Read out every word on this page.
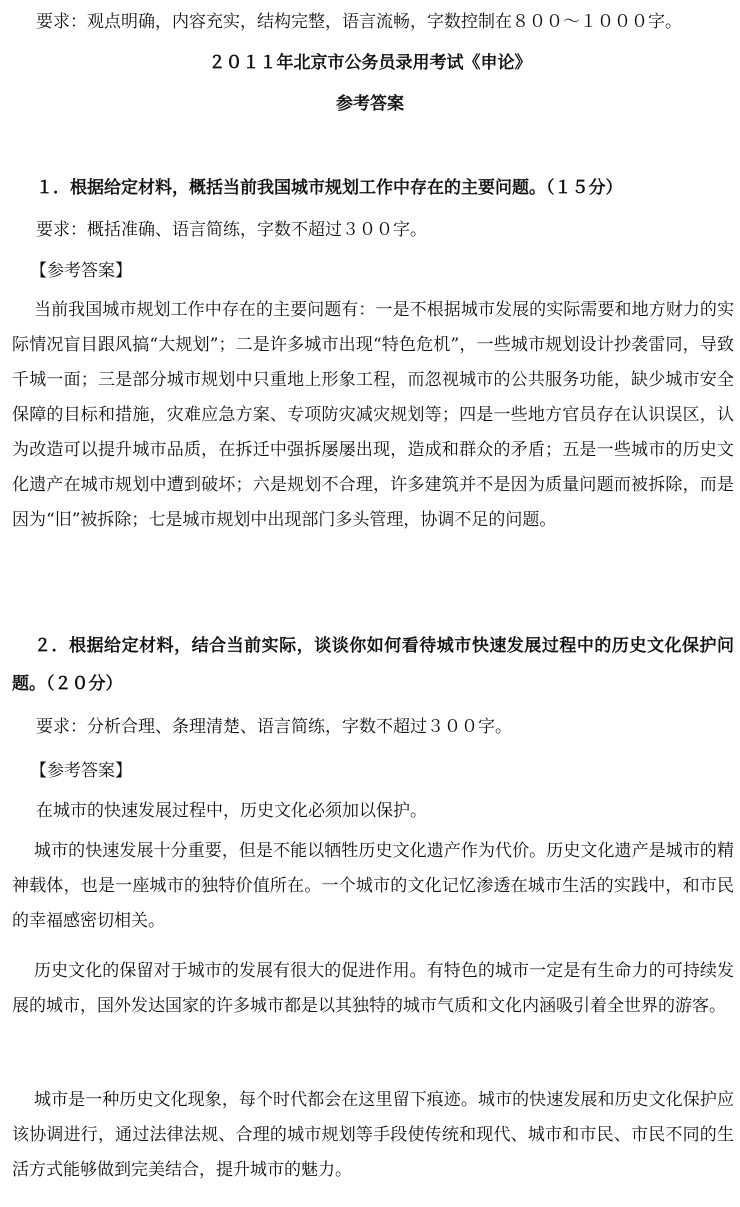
要求：观点明确，内容充实，结构完整，语言流畅，字数控制在８００～１０００字。
２０１１年北京市公务员录用考试《申论》
参考答案
１．根据给定材料，概括当前我国城市规划工作中存在的主要问题。（１５分）
要求：概括准确、语言简练，字数不超过３００字。
【参考答案】
当前我国城市规划工作中存在的主要问题有：一是不根据城市发展的实际需要和地方财力的实际情况盲目跟风搞“大规划”；二是许多城市出现“特色危机”，一些城市规划设计抄袭雷同，导致千城一面；三是部分城市规划中只重地上形象工程，而忽视城市的公共服务功能，缺少城市安全保障的目标和措施，灾难应急方案、专项防灾减灾规划等；四是一些地方官员存在认识误区，认为改造可以提升城市品质，在拆迁中强拆屡屡出现，造成和群众的矛盾；五是一些城市的历史文化遗产在城市规划中遭到破坏；六是规划不合理，许多建筑并不是因为质量问题而被拆除，而是因为“旧”被拆除；七是城市规划中出现部门多头管理，协调不足的问题。
２．根据给定材料，结合当前实际，谈谈你如何看待城市快速发展过程中的历史文化保护问题。（２０分）
要求：分析合理、条理清楚、语言简练，字数不超过３００字。
【参考答案】
在城市的快速发展过程中，历史文化必须加以保护。
城市的快速发展十分重要，但是不能以牺牲历史文化遗产作为代价。历史文化遗产是城市的精神载体，也是一座城市的独特价值所在。一个城市的文化记忆渗透在城市生活的实践中，和市民的幸福感密切相关。
历史文化的保留对于城市的发展有很大的促进作用。有特色的城市一定是有生命力的可持续发展的城市，国外发达国家的许多城市都是以其独特的城市气质和文化内涵吸引着全世界的游客。
城市是一种历史文化现象，每个时代都会在这里留下痕迹。城市的快速发展和历史文化保护应该协调进行，通过法律法规、合理的城市规划等手段使传统和现代、城市和市民、市民不同的生活方式能够做到完美结合，提升城市的魅力。
